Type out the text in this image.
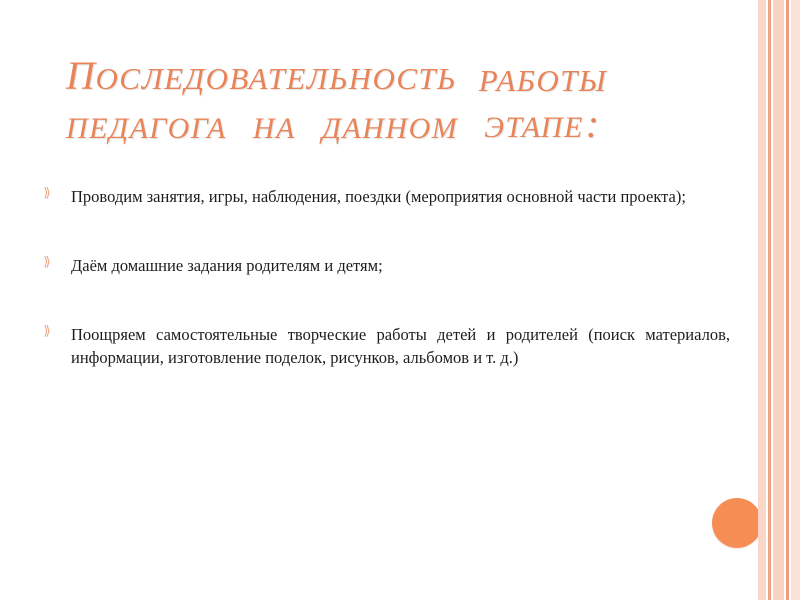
ПОСЛЕДОВАТЕЛЬНОСТЬ РАБОТЫ
ПЕДАГОГА НА ДАННОМ ЭТАПЕ:
⟫ Проводим занятия, игры, наблюдения, поездки (мероприятия основной части проекта);
⟫ Даём домашние задания родителям и детям;
⟫ Поощряем самостоятельные творческие работы детей и родителей (поиск материалов, информации, изготовление поделок, рисунков, альбомов и т. д.)
